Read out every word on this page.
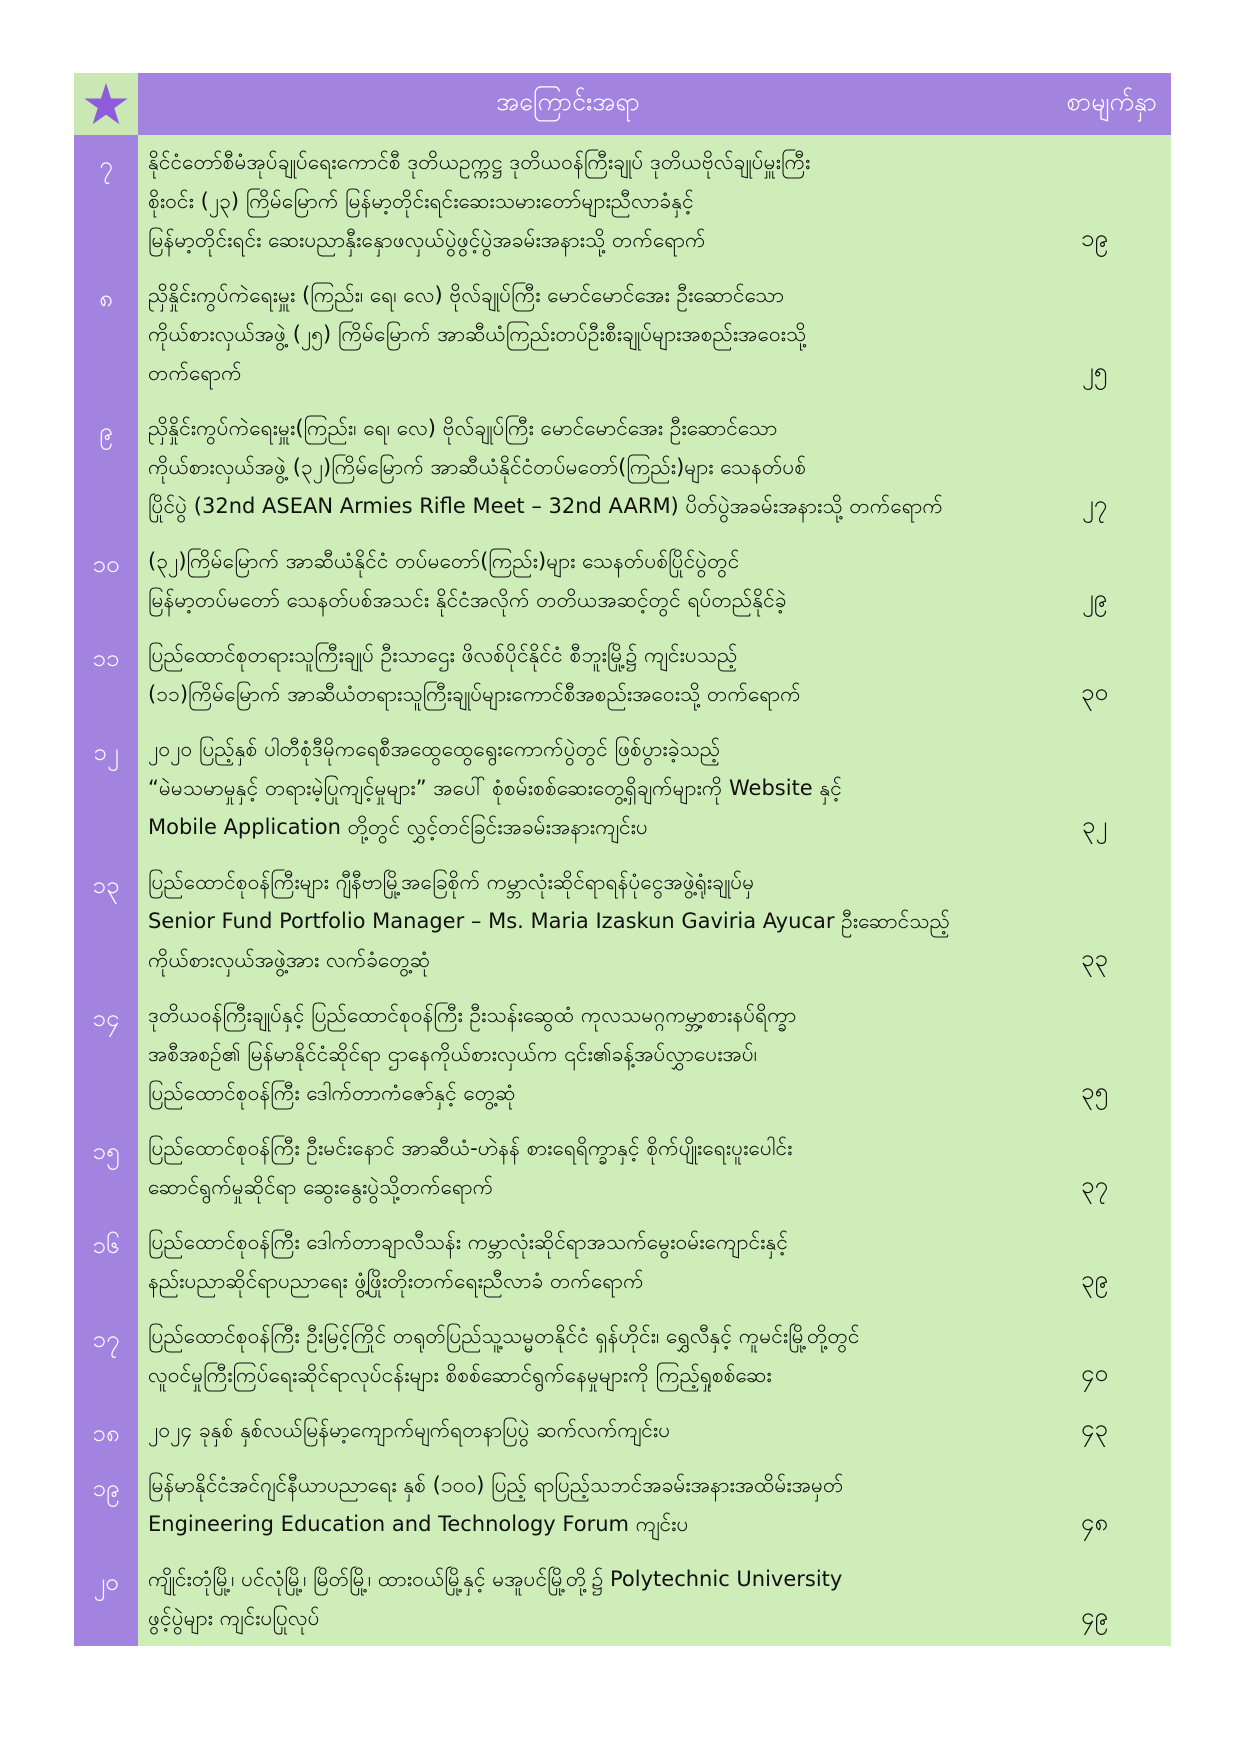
အကြောင်းအရာ	စာမျက်နှာ
၇	နိုင်ငံတော်စီမံအုပ်ချုပ်ရေးကောင်စီ ဒုတိယဥက္ကဋ္ဌ ဒုတိယဝန်ကြီးချုပ် ဒုတိယဗိုလ်ချုပ်မှူးကြီး
စိုးဝင်း (၂၃) ကြိမ်မြောက် မြန်မာ့တိုင်းရင်းဆေးသမားတော်များညီလာခံနှင့်
မြန်မာ့တိုင်းရင်း ဆေးပညာနှီးနှောဖလှယ်ပွဲဖွင့်ပွဲအခမ်းအနားသို့ တက်ရောက်	၁၉
၈	ညှိနှိုင်းကွပ်ကဲရေးမှူး (ကြည်း၊ ရေ၊ လေ) ဗိုလ်ချုပ်ကြီး မောင်မောင်အေး ဦးဆောင်သော
ကိုယ်စားလှယ်အဖွဲ့ (၂၅) ကြိမ်မြောက် အာဆီယံကြည်းတပ်ဦးစီးချုပ်များအစည်းအဝေးသို့
တက်ရောက်	၂၅
၉	ညှိနှိုင်းကွပ်ကဲရေးမှူး(ကြည်း၊ ရေ၊ လေ) ဗိုလ်ချုပ်ကြီး မောင်မောင်အေး ဦးဆောင်သော
ကိုယ်စားလှယ်အဖွဲ့ (၃၂)ကြိမ်မြောက် အာဆီယံနိုင်ငံတပ်မတော်(ကြည်း)များ သေနတ်ပစ်
ပြိုင်ပွဲ (32nd ASEAN Armies Rifle Meet – 32nd AARM) ပိတ်ပွဲအခမ်းအနားသို့ တက်ရောက်	၂၇
၁၀	(၃၂)ကြိမ်မြောက် အာဆီယံနိုင်ငံ တပ်မတော်(ကြည်း)များ သေနတ်ပစ်ပြိုင်ပွဲတွင်
မြန်မာ့တပ်မတော် သေနတ်ပစ်အသင်း နိုင်ငံအလိုက် တတိယအဆင့်တွင် ရပ်တည်နိုင်ခဲ့	၂၉
၁၁	ပြည်ထောင်စုတရားသူကြီးချုပ် ဦးသာဌေး ဖိလစ်ပိုင်နိုင်ငံ စီဘူးမြို့၌ ကျင်းပသည့်
(၁၁)ကြိမ်မြောက် အာဆီယံတရားသူကြီးချုပ်များကောင်စီအစည်းအဝေးသို့ တက်ရောက်	၃၀
၁၂	၂၀၂၀ ပြည့်နှစ် ပါတီစုံဒီမိုကရေစီအထွေထွေရွေးကောက်ပွဲတွင် ဖြစ်ပွားခဲ့သည့်
“မဲမသမာမှုနှင့် တရားမဲ့ပြုကျင့်မှုများ” အပေါ် စုံစမ်းစစ်ဆေးတွေ့ရှိချက်များကို Website နှင့်
Mobile Application တို့တွင် လွှင့်တင်ခြင်းအခမ်းအနားကျင်းပ	၃၂
၁၃	ပြည်ထောင်စုဝန်ကြီးများ ဂျီနီဗာမြို့အခြေစိုက် ကမ္ဘာလုံးဆိုင်ရာရန်ပုံငွေအဖွဲ့ရုံးချုပ်မှ
Senior Fund Portfolio Manager – Ms. Maria Izaskun Gaviria Ayucar ဦးဆောင်သည့်
ကိုယ်စားလှယ်အဖွဲ့အား လက်ခံတွေ့ဆုံ	၃၃
၁၄	ဒုတိယဝန်ကြီးချုပ်နှင့် ပြည်ထောင်စုဝန်ကြီး ဦးသန်းဆွေထံ ကုလသမဂ္ဂကမ္ဘာ့စားနပ်ရိက္ခာ
အစီအစဉ်၏ မြန်မာနိုင်ငံဆိုင်ရာ ဌာနေကိုယ်စားလှယ်က ၎င်း၏ခန့်အပ်လွှာပေးအပ်၊
ပြည်ထောင်စုဝန်ကြီး ဒေါက်တာကံဇော်နှင့် တွေ့ဆုံ	၃၅
၁၅	ပြည်ထောင်စုဝန်ကြီး ဦးမင်းနောင် အာဆီယံ-ဟဲနန် စားရေရိက္ခာနှင့် စိုက်ပျိုးရေးပူးပေါင်း
ဆောင်ရွက်မှုဆိုင်ရာ ဆွေးနွေးပွဲသို့တက်ရောက်	၃၇
၁၆	ပြည်ထောင်စုဝန်ကြီး ဒေါက်တာချာလီသန်း ကမ္ဘာလုံးဆိုင်ရာအသက်မွေးဝမ်းကျောင်းနှင့်
နည်းပညာဆိုင်ရာပညာရေး ဖွံ့ဖြိုးတိုးတက်ရေးညီလာခံ တက်ရောက်	၃၉
၁၇	ပြည်ထောင်စုဝန်ကြီး ဦးမြင့်ကြိုင် တရုတ်ပြည်သူ့သမ္မတနိုင်ငံ ရှန်ဟိုင်း၊ ရွှေလီနှင့် ကူမင်းမြို့တို့တွင်
လူဝင်မှုကြီးကြပ်ရေးဆိုင်ရာလုပ်ငန်းများ စိစစ်ဆောင်ရွက်နေမှုများကို ကြည့်ရှုစစ်ဆေး	၄၀
၁၈	၂၀၂၄ ခုနှစ် နှစ်လယ်မြန်မာ့ကျောက်မျက်ရတနာပြပွဲ ဆက်လက်ကျင်းပ	၄၃
၁၉	မြန်မာနိုင်ငံအင်ဂျင်နီယာပညာရေး နှစ် (၁၀၀) ပြည့် ရာပြည့်သဘင်အခမ်းအနားအထိမ်းအမှတ်
Engineering Education and Technology Forum ကျင်းပ	၄၈
၂၀	ကျိုင်းတုံမြို့၊ ပင်လုံမြို့၊ မြိတ်မြို့၊ ထားဝယ်မြို့နှင့် မအူပင်မြို့တို့၌ Polytechnic University
ဖွင့်ပွဲများ ကျင်းပပြုလုပ်	၄၉
